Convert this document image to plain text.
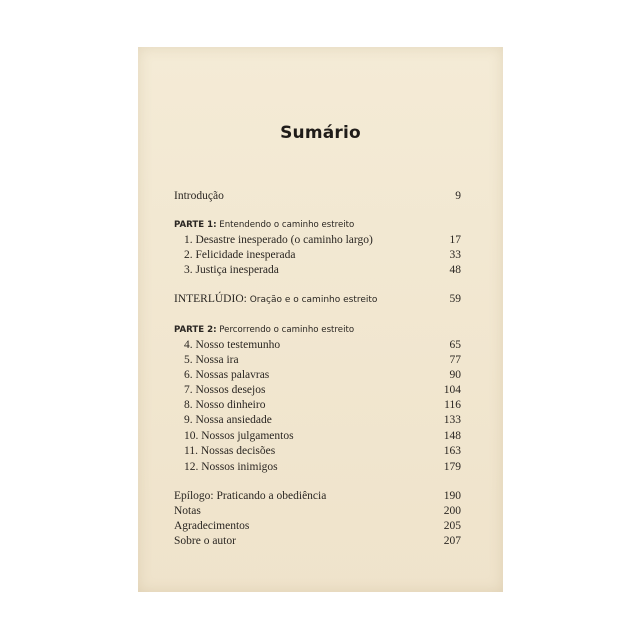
Sumário
Introdução	9
PARTE 1: Entendendo o caminho estreito
1. Desastre inesperado (o caminho largo)	17
2. Felicidade inesperada	33
3. Justiça inesperada	48
INTERLÚDIO: Oração e o caminho estreito	59
PARTE 2: Percorrendo o caminho estreito
4. Nosso testemunho	65
5. Nossa ira	77
6. Nossas palavras	90
7. Nossos desejos	104
8. Nosso dinheiro	116
9. Nossa ansiedade	133
10. Nossos julgamentos	148
11. Nossas decisões	163
12. Nossos inimigos	179
Epílogo: Praticando a obediência	190
Notas	200
Agradecimentos	205
Sobre o autor	207
